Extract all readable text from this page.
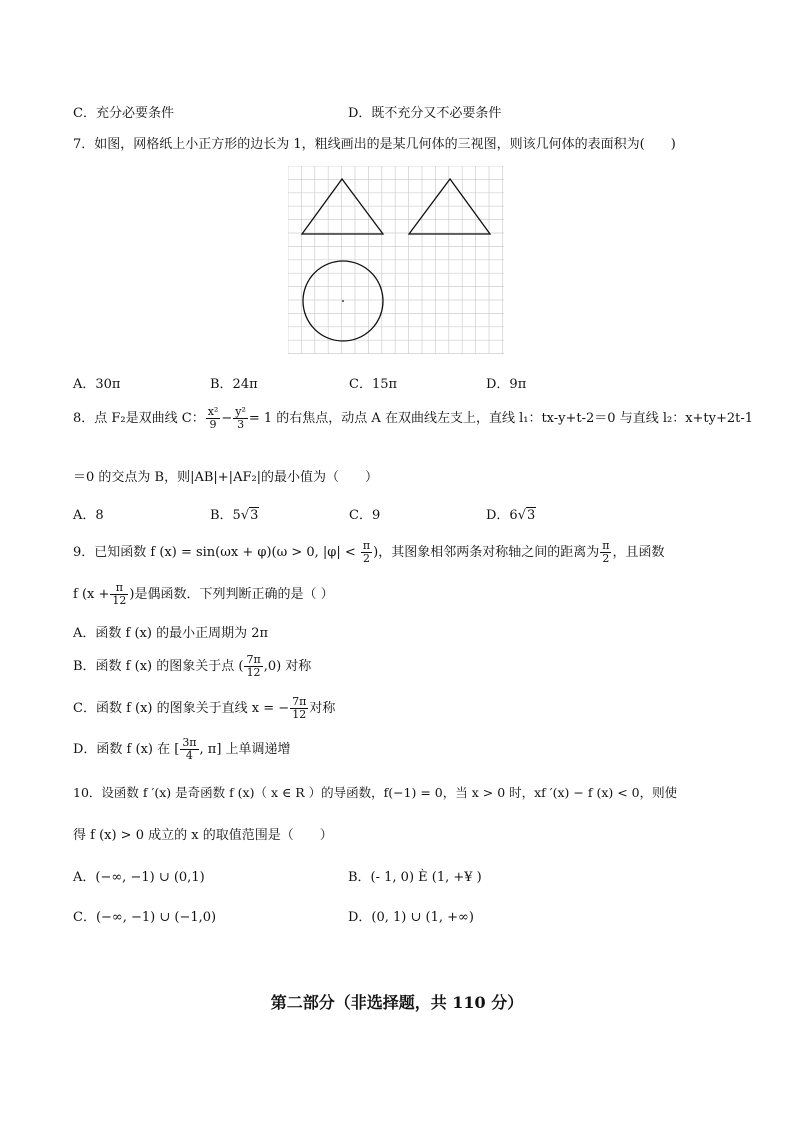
C．充分必要条件	D．既不充分又不必要条件
7．如图，网格纸上小正方形的边长为 1，粗线画出的是某几何体的三视图，则该几何体的表面积为(　　)
A．30π	B．24π	C．15π	D．9π
8．点 F₂是双曲线 C： $\frac{\text{x²}}{9} - \frac{\text{y²}}{3} = 1$ 的右焦点，动点 A 在双曲线左支上，直线 l₁：tx-y+t-2＝0 与直线 l₂：x+ty+2t-1
＝0 的交点为 B，则|AB|+|AF₂|的最小值为（　　）
A．8	B．5√3	C．9	D．6√3
9．已知函数 f (x) = sin(ωx + φ)(ω > 0, $|\varphi| < \frac{\pi}{2}$ )，其图象相邻两条对称轴之间的距离为 $\frac{\pi}{2}$ ，且函数
f ($x + \frac{\pi}{12}$ )是偶函数．下列判断正确的是（ ）
A．函数 f (x) 的最小正周期为 2π
B．函数 f (x) 的图象关于点 ( $\frac{7\pi}{12} ,0$) 对称
C．函数 f (x) 的图象关于直线 x = − $\frac{7\pi}{12}$ 对称
D．函数 f (x) 在 [ $\frac{3\pi}{4}$ , π] 上单调递增
10．设函数 f ′(x) 是奇函数 f (x)（ x ∈ R ）的导函数，f(−1) = 0，当 x > 0 时，xf ′(x) − f (x) < 0，则使
得 f (x) > 0 成立的 x 的取值范围是（　　）
A．(−∞, −1) ∪ (0,1)	B．(- 1, 0) È (1, +¥ )
C．(−∞, −1) ∪ (−1,0)	D．(0, 1) ∪ (1, +∞)
第二部分（非选择题，共 110 分）
